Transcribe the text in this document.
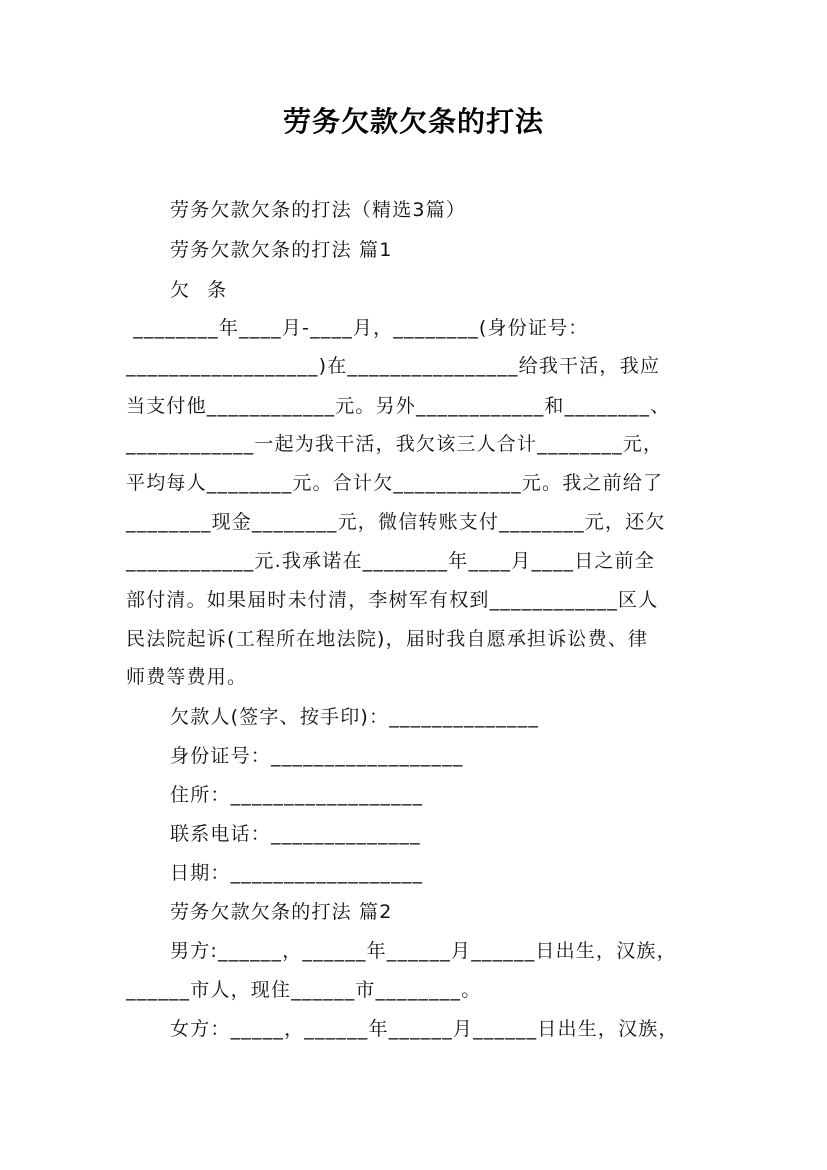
劳务欠款欠条的打法
劳务欠款欠条的打法（精选3篇）
劳务欠款欠条的打法 篇1
欠  条
________年____月-____月，________(身份证号：
__________________)在________________给我干活，我应
当支付他____________元。另外____________和________、
____________一起为我干活，我欠该三人合计________元，
平均每人________元。合计欠____________元。我之前给了
________现金________元，微信转账支付________元，还欠
____________元.我承诺在________年____月____日之前全
部付清。如果届时未付清，李树军有权到____________区人
民法院起诉(工程所在地法院)，届时我自愿承担诉讼费、律
师费等费用。
欠款人(签字、按手印)：______________
身份证号：__________________
住所：__________________
联系电话：______________
日期：__________________
劳务欠款欠条的打法 篇2
男方:______，______年______月______日出生，汉族，
______市人，现住______市________。
女方：_____，______年______月______日出生，汉族，
